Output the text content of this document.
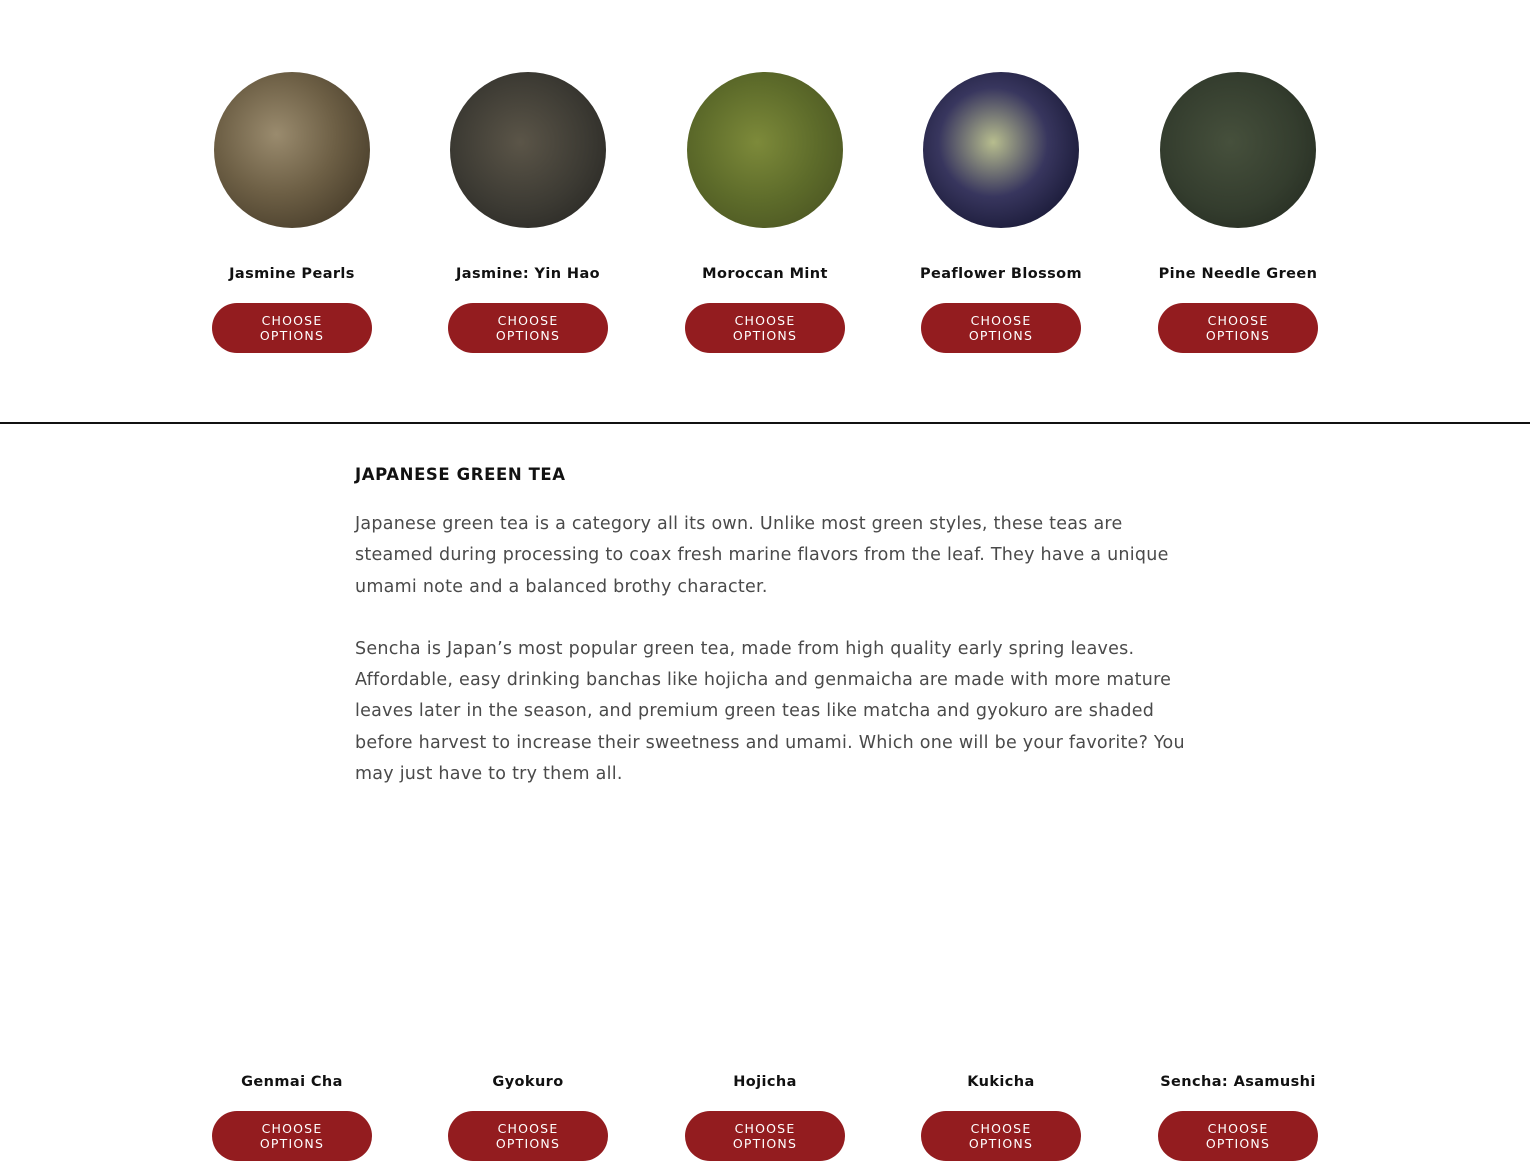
Jasmine Pearls
CHOOSE OPTIONS
Jasmine: Yin Hao
CHOOSE OPTIONS
Moroccan Mint
CHOOSE OPTIONS
Peaflower Blossom
CHOOSE OPTIONS
Pine Needle Green
CHOOSE OPTIONS
JAPANESE GREEN TEA

Japanese green tea is a category all its own. Unlike most green styles, these teas are steamed during processing to coax fresh marine flavors from the leaf. They have a unique umami note and a balanced brothy character.

Sencha is Japan’s most popular green tea, made from high quality early spring leaves. Affordable, easy drinking banchas like hojicha and genmaicha are made with more mature leaves later in the season, and premium green teas like matcha and gyokuro are shaded before harvest to increase their sweetness and umami. Which one will be your favorite? You may just have to try them all.

Genmai Cha
CHOOSE OPTIONS
Gyokuro
CHOOSE OPTIONS
Hojicha
CHOOSE OPTIONS
Kukicha
CHOOSE OPTIONS
Sencha: Asamushi
CHOOSE OPTIONS
